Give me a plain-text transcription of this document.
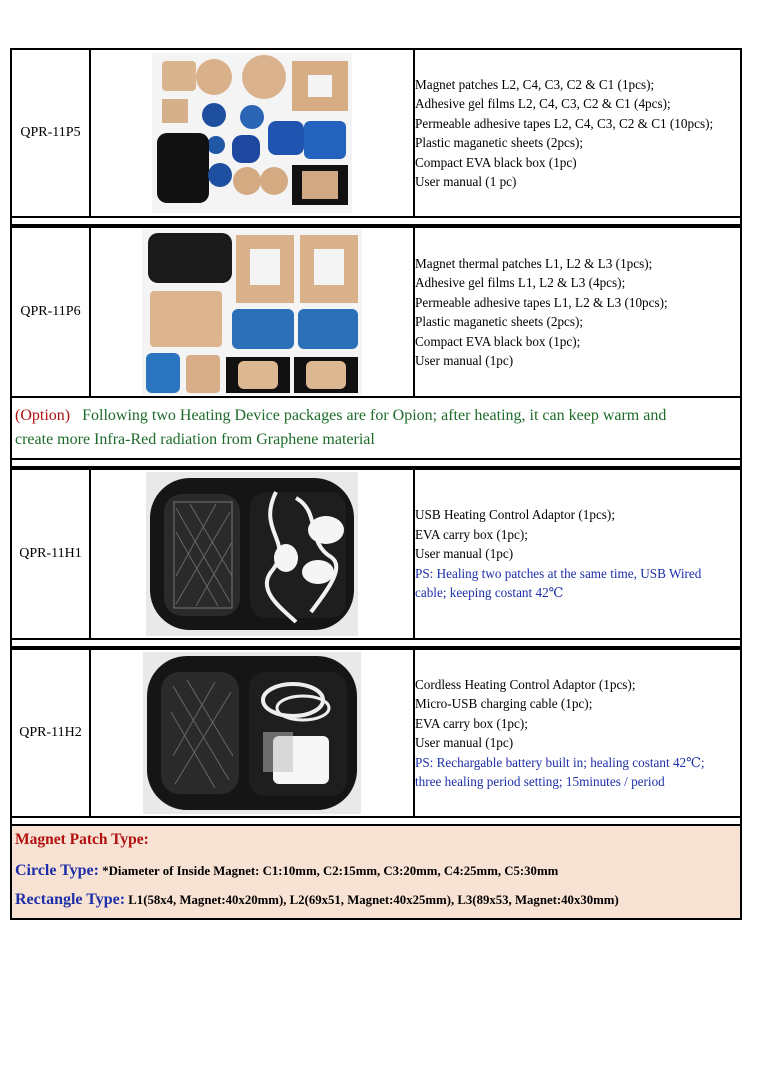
QPR-11P5	

Magnet patches L2, C4, C3, C2 & C1 (1pcs);
Adhesive gel films L2, C4, C3, C2 & C1 (4pcs);
Permeable adhesive tapes L2, C4, C3, C2 & C1 (10pcs);
Plastic maganetic sheets (2pcs);
Compact EVA black box (1pc)
User manual (1 pc)
QPR-11P6	

Magnet thermal patches L1, L2 & L3 (1pcs);
Adhesive gel films L1, L2 & L3 (4pcs);
Permeable adhesive tapes L1, L2 & L3 (10pcs);
Plastic maganetic sheets (2pcs);
Compact EVA black box (1pc);
User manual (1pc)
(Option) Following two Heating Device packages are for Opion; after heating, it can keep warm and
create more Infra-Red radiation from Graphene material
QPR-11H1	

USB Heating Control Adaptor (1pcs);
EVA carry box (1pc);
User manual (1pc)
PS: Healing two patches at the same time, USB Wired
cable; keeping costant 42℃
QPR-11H2	

Cordless Heating Control Adaptor (1pcs);
Micro-USB charging cable (1pc);
EVA carry box (1pc);
User manual (1pc)
PS: Rechargable battery built in; healing costant 42℃;
three healing period setting; 15minutes / period
Magnet Patch Type:
Circle Type: *Diameter of Inside Magnet: C1:10mm, C2:15mm, C3:20mm, C4:25mm, C5:30mm
Rectangle Type: L1(58x4, Magnet:40x20mm), L2(69x51, Magnet:40x25mm), L3(89x53, Magnet:40x30mm)
